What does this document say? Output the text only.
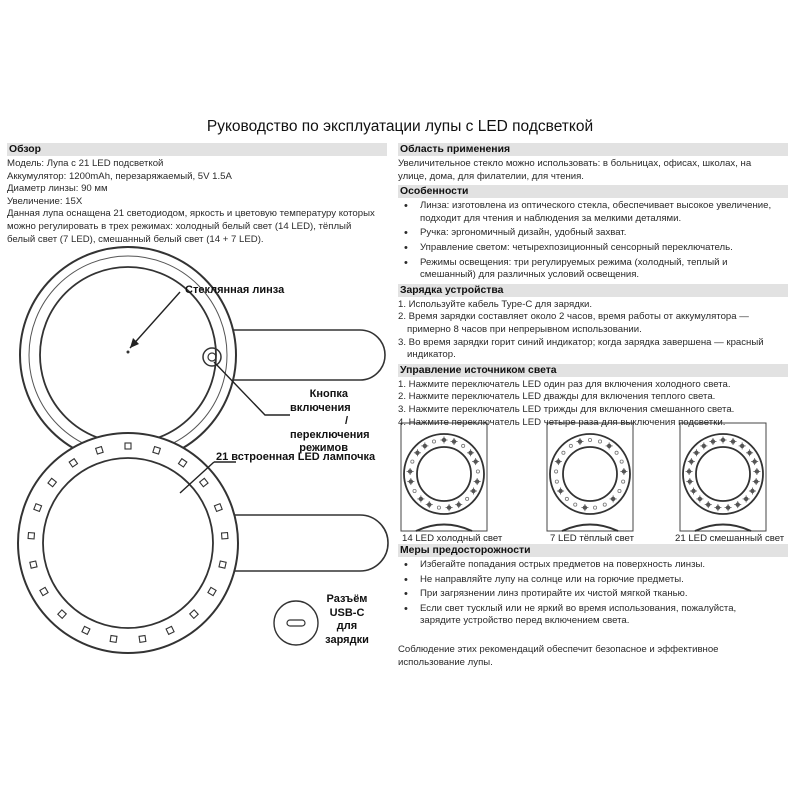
Руководство по эксплуатации лупы с LED подсветкой
Обзор
Модель: Лупа с 21 LED подсветкой
Аккумулятор: 1200mAh, перезаряжаемый, 5V 1.5A
Диаметр линзы: 90 мм
Увеличение: 15X
Данная лупа оснащена 21 светодиодом, яркость и цветовую температуру которых
можно регулировать в трех режимах: холодный белый свет (14 LED), тёплый
белый свет (7 LED), смешанный белый свет (14 + 7 LED).
Стеклянная линза
Кнопка
включения /
переключения
режимов
21 встроенная LED лампочка
Разъём
USB-C
для
зарядки
Область применения
Увеличительное стекло можно использовать: в больницах, офисах, школах, на
улице, дома, для филателии, для чтения.
Особенности
• Линза: изготовлена из оптического стекла, обеспечивает высокое увеличение,
подходит для чтения и наблюдения за мелкими деталями.
• Ручка: эргономичный дизайн, удобный захват.
• Управление светом: четырехпозиционный сенсорный переключатель.
• Режимы освещения: три регулируемых режима (холодный, теплый и
смешанный) для различных условий освещения.
Зарядка устройства
1. Используйте кабель Type-C для зарядки.
2. Время зарядки составляет около 2 часов, время работы от аккумулятора —
примерно 8 часов при непрерывном использовании.
3. Во время зарядки горит синий индикатор; когда зарядка завершена — красный
индикатор.
Управление источником света
1. Нажмите переключатель LED один раз для включения холодного света.
2. Нажмите переключатель LED дважды для включения теплого света.
3. Нажмите переключатель LED трижды для включения смешанного света.
4. Нажмите переключатель LED четыре раза для выключения подсветки.
Меры предосторожности
• Избегайте попадания острых предметов на поверхность линзы.
• Не направляйте лупу на солнце или на горючие предметы.
• При загрязнении линз протирайте их чистой мягкой тканью.
• Если свет тусклый или не яркий во время использования, пожалуйста,
зарядите устройство перед включением света.
Соблюдение этих рекомендаций обеспечит безопасное и эффективное
использование лупы.
14 LED холодный свет	7 LED тёплый свет	21 LED смешанный свет
